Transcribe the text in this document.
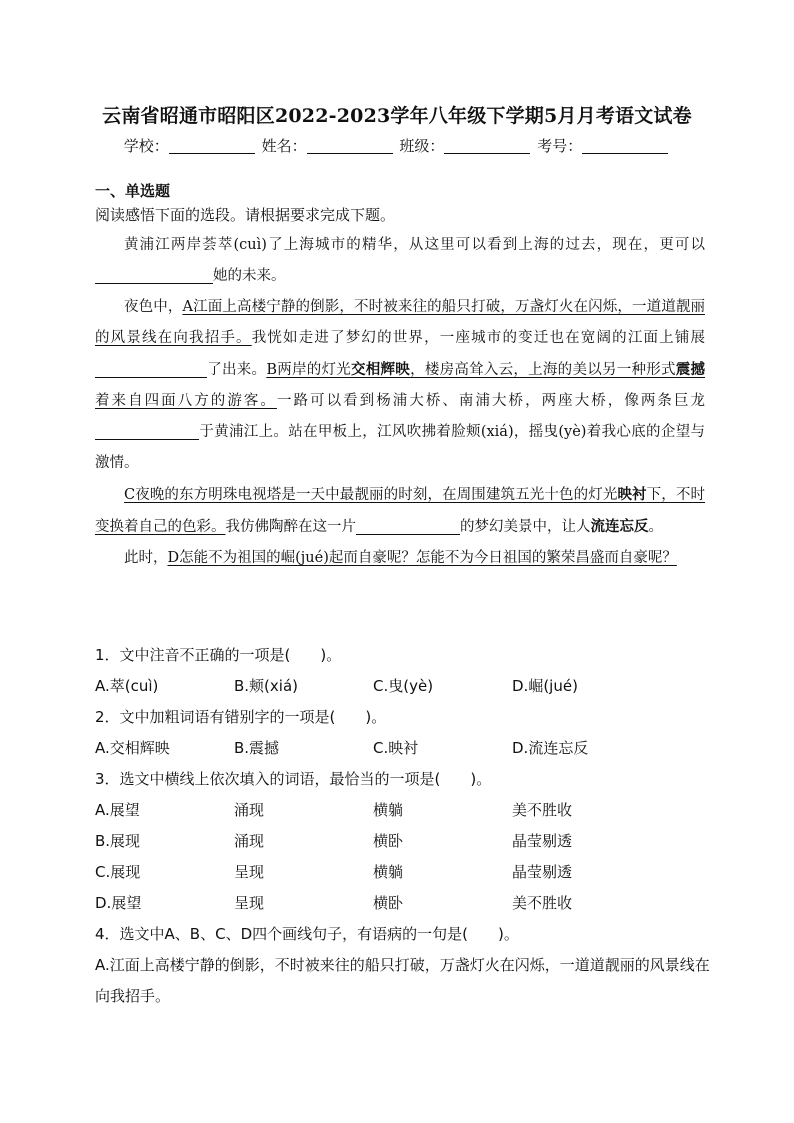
云南省昭通市昭阳区2022-2023学年八年级下学期5月月考语文试卷
学校：	姓名：	班级：	考号：
一、单选题
阅读感悟下面的选段。请根据要求完成下题。

黄浦江两岸荟萃(cuì)了上海城市的精华，从这里可以看到上海的过去，现在，更可以她的未来。

夜色中，A江面上高楼宁静的倒影，不时被来往的船只打破，万盏灯火在闪烁，一道道靓丽的风景线在向我招手。我恍如走进了梦幻的世界，一座城市的变迁也在宽阔的江面上铺展了出来。B两岸的灯光交相辉映，楼房高耸入云，上海的美以另一种形式震撼着来自四面八方的游客。一路可以看到杨浦大桥、南浦大桥，两座大桥，像两条巨龙于黄浦江上。站在甲板上，江风吹拂着脸颊(xiá)，摇曳(yè)着我心底的企望与激情。

C夜晚的东方明珠电视塔是一天中最靓丽的时刻，在周围建筑五光十色的灯光映衬下，不时变换着自己的色彩。我仿佛陶醉在这一片	的梦幻美景中，让人流连忘反。

此时，D怎能不为祖国的崛(jué)起而自豪呢？怎能不为今日祖国的繁荣昌盛而自豪呢？

1．文中注音不正确的一项是(　　)。

A.萃(cuì)	B.颊(xiá)	C.曳(yè)	D.崛(jué)

2．文中加粗词语有错别字的一项是(　　)。

A.交相辉映	B.震撼	C.映衬	D.流连忘反

3．选文中横线上依次填入的词语，最恰当的一项是(　　)。

A.展望	涌现	横躺	美不胜收
B.展现	涌现	横卧	晶莹剔透
C.展现	呈现	横躺	晶莹剔透
D.展望	呈现	横卧	美不胜收

4．选文中A、B、C、D四个画线句子，有语病的一句是(　　)。

A.江面上高楼宁静的倒影，不时被来往的船只打破，万盏灯火在闪烁，一道道靓丽的风景线在向我招手。
